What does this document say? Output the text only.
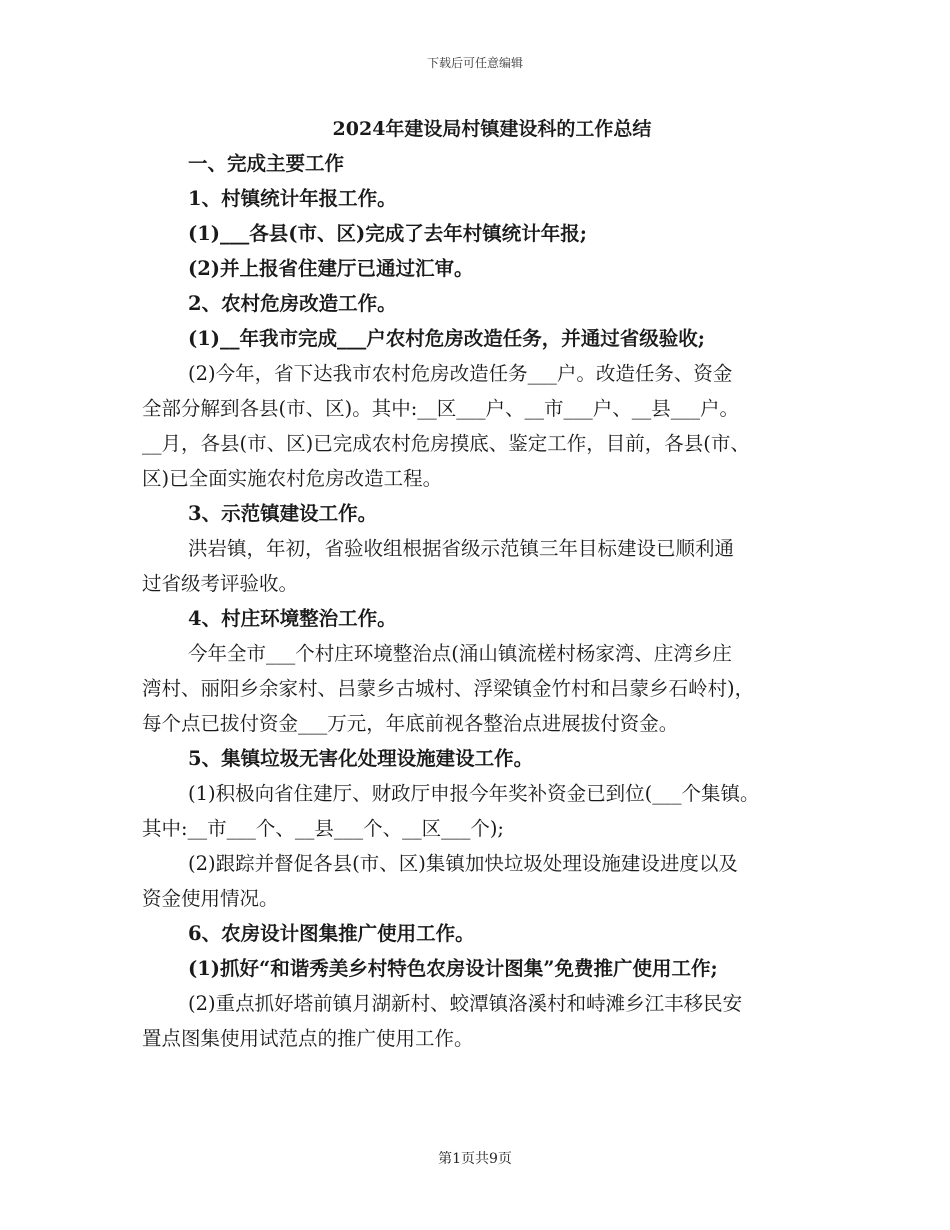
下载后可任意编辑
2024年建设局村镇建设科的工作总结
一、完成主要工作
1、村镇统计年报工作。
(1)___各县(市、区)完成了去年村镇统计年报;
(2)并上报省住建厅已通过汇审。
2、农村危房改造工作。
(1)__年我市完成___户农村危房改造任务，并通过省级验收;
(2)今年，省下达我市农村危房改造任务___户。改造任务、资金
全部分解到各县(市、区)。其中:__区___户、__市___户、__县___户。
__月，各县(市、区)已完成农村危房摸底、鉴定工作，目前，各县(市、
区)已全面实施农村危房改造工程。
3、示范镇建设工作。
洪岩镇，年初，省验收组根据省级示范镇三年目标建设已顺利通
过省级考评验收。
4、村庄环境整治工作。
今年全市___个村庄环境整治点(涌山镇流槎村杨家湾、庄湾乡庄
湾村、丽阳乡余家村、吕蒙乡古城村、浮梁镇金竹村和吕蒙乡石岭村)，
每个点已拔付资金___万元，年底前视各整治点进展拔付资金。
5、集镇垃圾无害化处理设施建设工作。
(1)积极向省住建厅、财政厅申报今年奖补资金已到位(___个集镇。
其中:__市___个、__县___个、__区___个);
(2)跟踪并督促各县(市、区)集镇加快垃圾处理设施建设进度以及
资金使用情况。
6、农房设计图集推广使用工作。
(1)抓好“和谐秀美乡村特色农房设计图集”免费推广使用工作;
(2)重点抓好塔前镇月湖新村、蛟潭镇洛溪村和峙滩乡江丰移民安
置点图集使用试范点的推广使用工作。
第1页共9页
